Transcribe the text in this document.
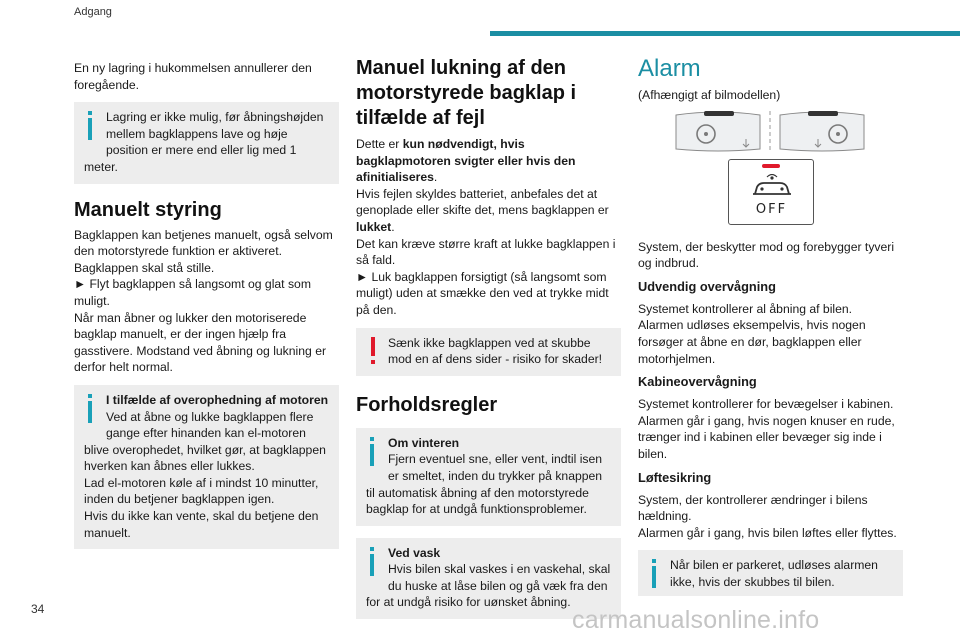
Adgang

En ny lagring i hukommelsen annullerer den foregående.

Lagring er ikke mulig, før åbningshøjden mellem bagklappens lave og høje position er mere end eller lig med 1 meter.
Manuelt styring

Bagklappen kan betjenes manuelt, også selvom den motorstyrede funktion er aktiveret.
Bagklappen skal stå stille.
► Flyt bagklappen så langsomt og glat som muligt.
Når man åbner og lukker den motoriserede bagklap manuelt, er der ingen hjælp fra gasstivere. Modstand ved åbning og lukning er derfor helt normal.

I tilfælde af overophedning af motoren
Ved at åbne og lukke bagklappen flere gange efter hinanden kan el-motoren blive overophedet, hvilket gør, at bagklappen hverken kan åbnes eller lukkes.
Lad el-motoren køle af i mindst 10 minutter, inden du betjener bagklappen igen.
Hvis du ikke kan vente, skal du betjene den manuelt.
Manuel lukning af den motorstyrede bagklap i tilfælde af fejl

Dette er kun nødvendigt, hvis bagklapmotoren svigter eller hvis den afinitialiseres.
Hvis fejlen skyldes batteriet, anbefales det at genoplade eller skifte det, mens bagklappen er lukket.
Det kan kræve større kraft at lukke bagklappen i så fald.
► Luk bagklappen forsigtigt (så langsomt som muligt) uden at smække den ved at trykke midt på den.

Sænk ikke bagklappen ved at skubbe mod en af dens sider - risiko for skader!
Forholdsregler
Om vinteren
Fjern eventuel sne, eller vent, indtil isen er smeltet, inden du trykker på knappen til automatisk åbning af den motorstyrede bagklap for at undgå funktionsproblemer.
Ved vask
Hvis bilen skal vaskes i en vaskehal, skal du huske at låse bilen og gå væk fra den for at undgå risiko for uønsket åbning.
Alarm

(Afhængigt af bilmodellen)

OFF

System, der beskytter mod og forebygger tyveri og indbrud.

Udvendig overvågning

Systemet kontrollerer al åbning af bilen.
Alarmen udløses eksempelvis, hvis nogen forsøger at åbne en dør, bagklappen eller motorhjelmen.

Kabineovervågning

Systemet kontrollerer for bevægelser i kabinen.
Alarmen går i gang, hvis nogen knuser en rude, trænger ind i kabinen eller bevæger sig inde i bilen.

Løftesikring

System, der kontrollerer ændringer i bilens hældning.
Alarmen går i gang, hvis bilen løftes eller flyttes.

Når bilen er parkeret, udløses alarmen ikke, hvis der skubbes til bilen.
34	carmanualsonline.info
